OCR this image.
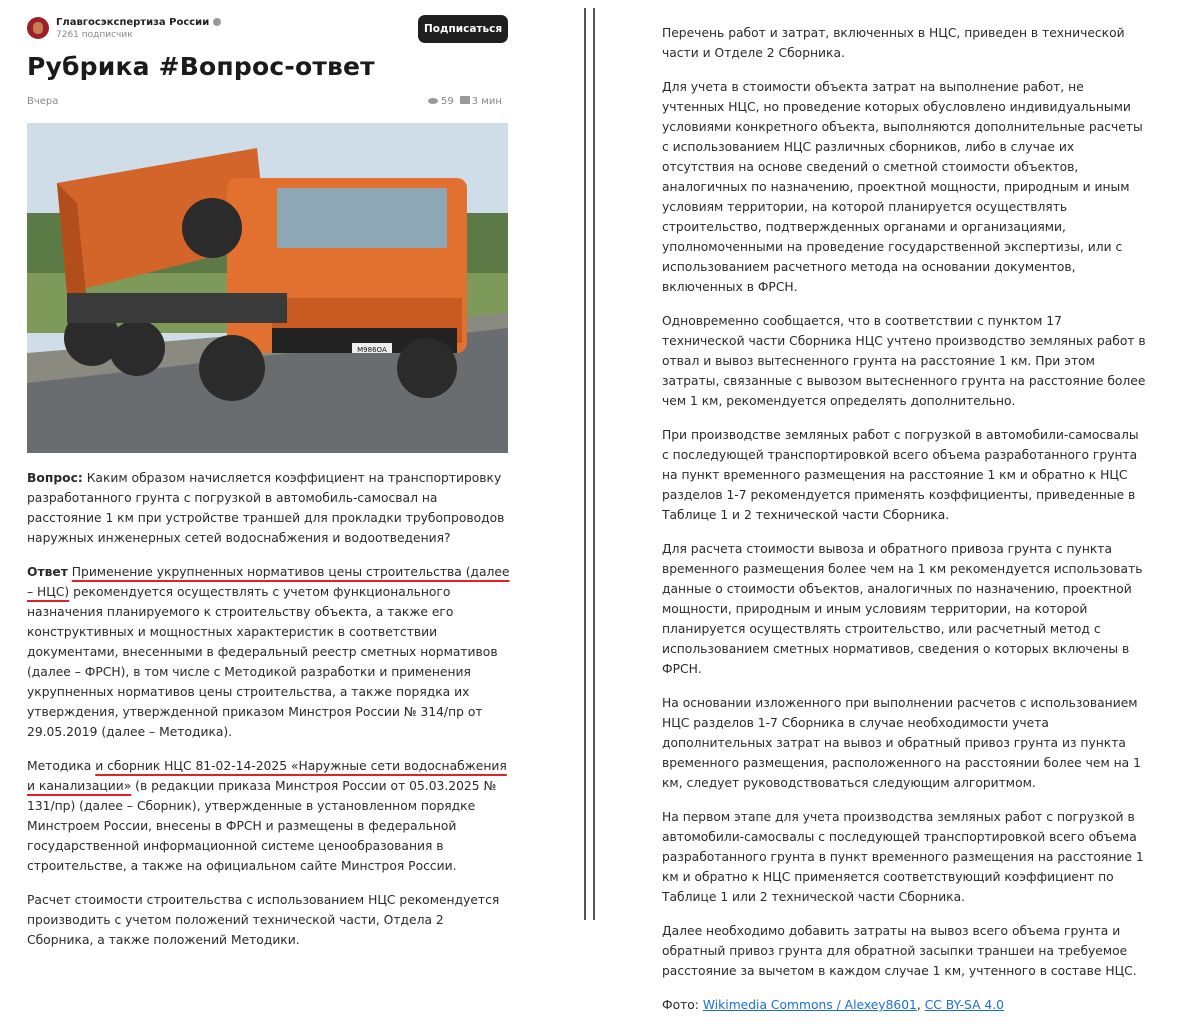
Главгосэкспертиза России
7261 подписчик	Подписаться
Рубрика #Вопрос-ответ
Вчера	59	3 мин
М986ОА

Вопрос: Каким образом начисляется коэффициент на транспортировку разработанного грунта с погрузкой в автомобиль-самосвал на расстояние 1 км при устройстве траншей для прокладки трубопроводов наружных инженерных сетей водоснабжения и водоотведения?

Ответ Применение укрупненных нормативов цены строительства (далее – НЦС) рекомендуется осуществлять с учетом функционального назначения планируемого к строительству объекта, а также его конструктивных и мощностных характеристик в соответствии документами, внесенными в федеральный реестр сметных нормативов (далее – ФРСН), в том числе с Методикой разработки и применения укрупненных нормативов цены строительства, а также порядка их утверждения, утвержденной приказом Минстроя России № 314/пр от 29.05.2019 (далее – Методика).

Методика и сборник НЦС 81-02-14-2025 «Наружные сети водоснабжения и канализации» (в редакции приказа Минстроя России от 05.03.2025 № 131/пр) (далее – Сборник), утвержденные в установленном порядке Минстроем России, внесены в ФРСН и размещены в федеральной государственной информационной системе ценообразования в строительстве, а также на официальном сайте Минстроя России.

Расчет стоимости строительства с использованием НЦС рекомендуется производить с учетом положений технической части, Отдела 2 Сборника, а также положений Методики.

Перечень работ и затрат, включенных в НЦС, приведен в технической части и Отделе 2 Сборника.

Для учета в стоимости объекта затрат на выполнение работ, не учтенных НЦС, но проведение которых обусловлено индивидуальными условиями конкретного объекта, выполняются дополнительные расчеты с использованием НЦС различных сборников, либо в случае их отсутствия на основе сведений о сметной стоимости объектов, аналогичных по назначению, проектной мощности, природным и иным условиям территории, на которой планируется осуществлять строительство, подтвержденных органами и организациями, уполномоченными на проведение государственной экспертизы, или с использованием расчетного метода на основании документов, включенных в ФРСН.

Одновременно сообщается, что в соответствии с пунктом 17 технической части Сборника НЦС учтено производство земляных работ в отвал и вывоз вытесненного грунта на расстояние 1 км. При этом затраты, связанные с вывозом вытесненного грунта на расстояние более чем 1 км, рекомендуется определять дополнительно.

При производстве земляных работ с погрузкой в автомобили-самосвалы с последующей транспортировкой всего объема разработанного грунта на пункт временного размещения на расстояние 1 км и обратно к НЦС разделов 1-7 рекомендуется применять коэффициенты, приведенные в Таблице 1 и 2 технической части Сборника.

Для расчета стоимости вывоза и обратного привоза грунта с пункта временного размещения более чем на 1 км рекомендуется использовать данные о стоимости объектов, аналогичных по назначению, проектной мощности, природным и иным условиям территории, на которой планируется осуществлять строительство, или расчетный метод с использованием сметных нормативов, сведения о которых включены в ФРСН.

На основании изложенного при выполнении расчетов с использованием НЦС разделов 1-7 Сборника в случае необходимости учета дополнительных затрат на вывоз и обратный привоз грунта из пункта временного размещения, расположенного на расстоянии более чем на 1 км, следует руководствоваться следующим алгоритмом.

На первом этапе для учета производства земляных работ с погрузкой в автомобили-самосвалы с последующей транспортировкой всего объема разработанного грунта в пункт временного размещения на расстояние 1 км и обратно к НЦС применяется соответствующий коэффициент по Таблице 1 или 2 технической части Сборника.

Далее необходимо добавить затраты на вывоз всего объема грунта и обратный привоз грунта для обратной засыпки траншеи на требуемое расстояние за вычетом в каждом случае 1 км, учтенного в составе НЦС.

Фото: Wikimedia Commons / Alexey8601, CC BY-SA 4.0
